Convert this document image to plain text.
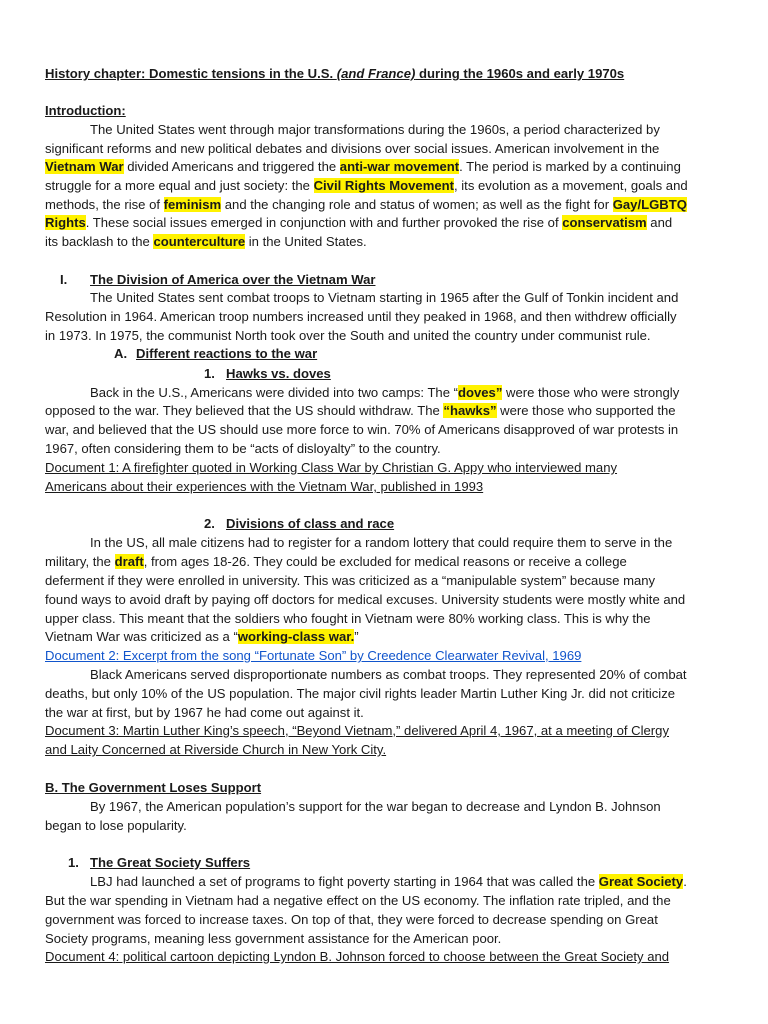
History chapter: Domestic tensions in the U.S. (and France) during the 1960s and early 1970s
Introduction:
The United States went through major transformations during the 1960s, a period characterized by
significant reforms and new political debates and divisions over social issues. American involvement in the
Vietnam War divided Americans and triggered the anti-war movement. The period is marked by a continuing
struggle for a more equal and just society: the Civil Rights Movement, its evolution as a movement, goals and
methods, the rise of feminism and the changing role and status of women; as well as the fight for Gay/LGBTQ
Rights. These social issues emerged in conjunction with and further provoked the rise of conservatism and
its backlash to the counterculture in the United States.
I. The Division of America over the Vietnam War
The United States sent combat troops to Vietnam starting in 1965 after the Gulf of Tonkin incident and
Resolution in 1964. American troop numbers increased until they peaked in 1968, and then withdrew officially
in 1973. In 1975, the communist North took over the South and united the country under communist rule.
A. Different reactions to the war
1. Hawks vs. doves
Back in the U.S., Americans were divided into two camps: The “doves” were those who were strongly
opposed to the war. They believed that the US should withdraw. The “hawks” were those who supported the
war, and believed that the US should use more force to win. 70% of Americans disapproved of war protests in
1967, often considering them to be “acts of disloyalty” to the country.
Document 1: A firefighter quoted in Working Class War by Christian G. Appy who interviewed many
Americans about their experiences with the Vietnam War, published in 1993
2. Divisions of class and race
In the US, all male citizens had to register for a random lottery that could require them to serve in the
military, the draft, from ages 18-26. They could be excluded for medical reasons or receive a college
deferment if they were enrolled in university. This was criticized as a “manipulable system” because many
found ways to avoid draft by paying off doctors for medical excuses. University students were mostly white and
upper class. This meant that the soldiers who fought in Vietnam were 80% working class. This is why the
Vietnam War was criticized as a “working-class war.”
Document 2: Excerpt from the song “Fortunate Son” by Creedence Clearwater Revival, 1969
Black Americans served disproportionate numbers as combat troops. They represented 20% of combat
deaths, but only 10% of the US population. The major civil rights leader Martin Luther King Jr. did not criticize
the war at first, but by 1967 he had come out against it.
Document 3: Martin Luther King’s speech, “Beyond Vietnam,” delivered April 4, 1967, at a meeting of Clergy
and Laity Concerned at Riverside Church in New York City.
B. The Government Loses Support
By 1967, the American population’s support for the war began to decrease and Lyndon B. Johnson
began to lose popularity.
1. The Great Society Suffers
LBJ had launched a set of programs to fight poverty starting in 1964 that was called the Great Society.
But the war spending in Vietnam had a negative effect on the US economy. The inflation rate tripled, and the
government was forced to increase taxes. On top of that, they were forced to decrease spending on Great
Society programs, meaning less government assistance for the American poor.
Document 4: political cartoon depicting Lyndon B. Johnson forced to choose between the Great Society and
